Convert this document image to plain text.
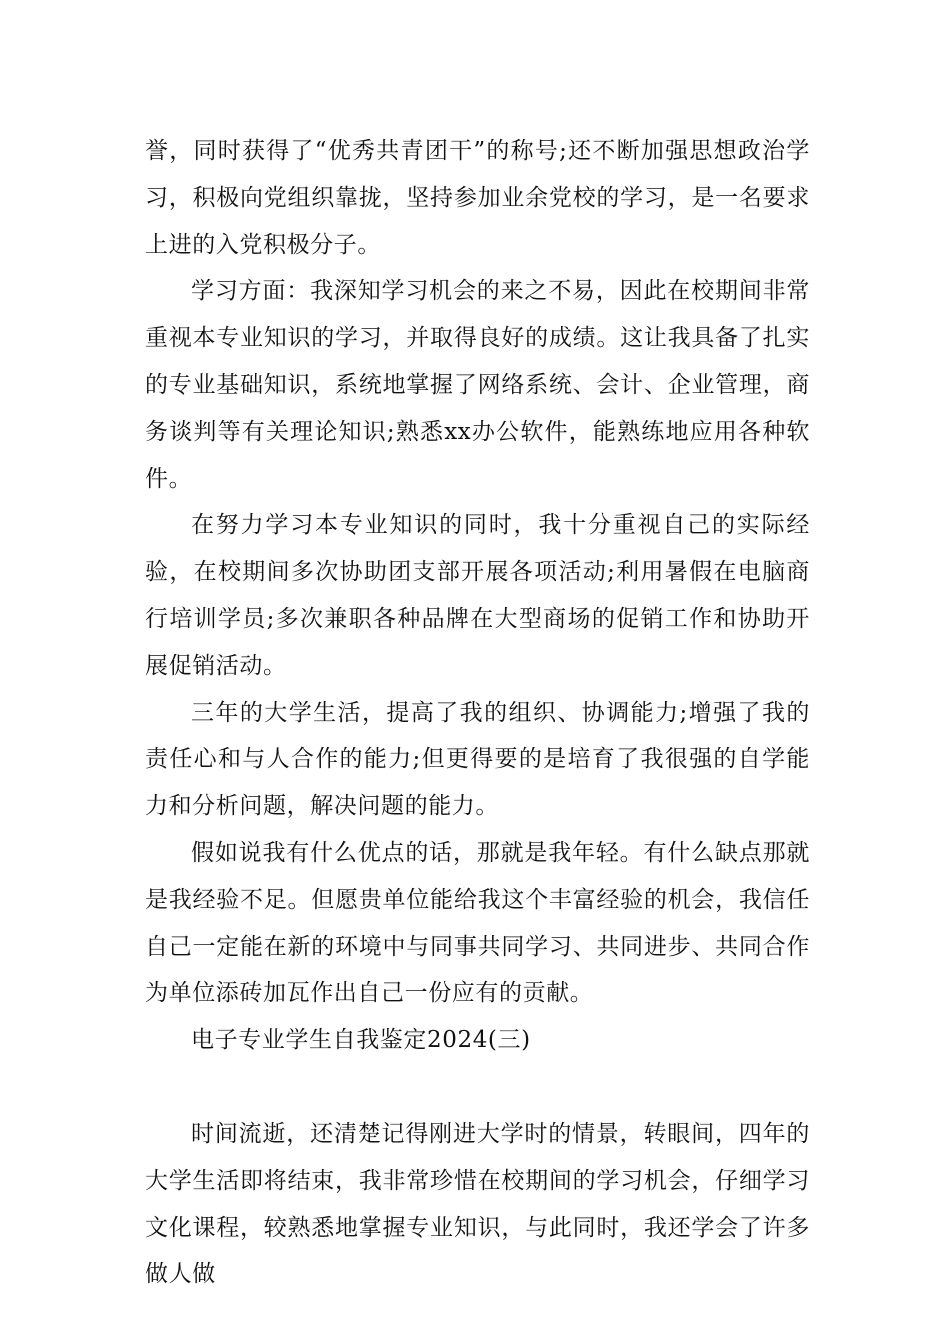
誉，同时获得了“优秀共青团干”的称号;还不断加强思想政治学习，积极向党组织靠拢，坚持参加业余党校的学习，是一名要求上进的入党积极分子。

学习方面：我深知学习机会的来之不易，因此在校期间非常重视本专业知识的学习，并取得良好的成绩。这让我具备了扎实的专业基础知识，系统地掌握了网络系统、会计、企业管理，商务谈判等有关理论知识;熟悉xx办公软件，能熟练地应用各种软件。

在努力学习本专业知识的同时，我十分重视自己的实际经验，在校期间多次协助团支部开展各项活动;利用暑假在电脑商行培训学员;多次兼职各种品牌在大型商场的促销工作和协助开展促销活动。

三年的大学生活，提高了我的组织、协调能力;增强了我的责任心和与人合作的能力;但更得要的是培育了我很强的自学能力和分析问题，解决问题的能力。

假如说我有什么优点的话，那就是我年轻。有什么缺点那就是我经验不足。但愿贵单位能给我这个丰富经验的机会，我信任自己一定能在新的环境中与同事共同学习、共同进步、共同合作为单位添砖加瓦作出自己一份应有的贡献。

电子专业学生自我鉴定2024(三)

时间流逝，还清楚记得刚进大学时的情景，转眼间，四年的大学生活即将结束，我非常珍惜在校期间的学习机会，仔细学习文化课程，较熟悉地掌握专业知识，与此同时，我还学会了许多做人做
